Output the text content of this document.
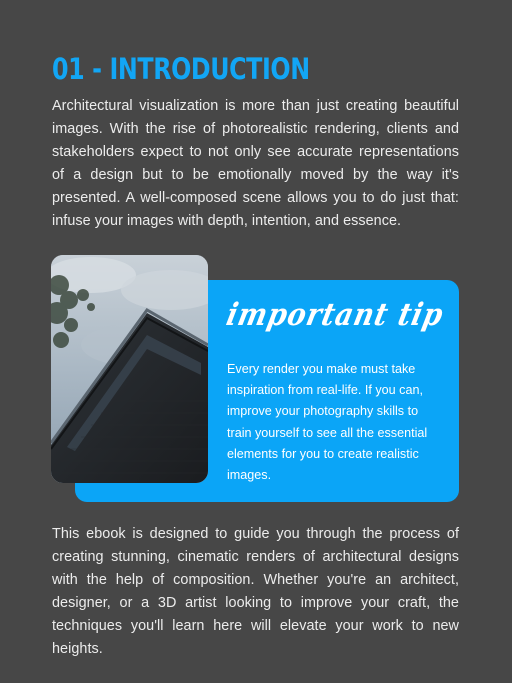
01 - INTRODUCTION

Architectural visualization is more than just creating beautiful images. With the rise of photorealistic rendering, clients and stakeholders expect to not only see accurate representations of a design but to be emotionally moved by the way it's presented. A well-composed scene allows you to do just that: infuse your images with depth, intention, and essence.

important tip

Every render you make must take inspiration from real-life. If you can, improve your photography skills to train yourself to see all the essential elements for you to create realistic images.

This ebook is designed to guide you through the process of creating stunning, cinematic renders of architectural designs with the help of composition. Whether you're an architect, designer, or a 3D artist looking to improve your craft, the techniques you'll learn here will elevate your work to new heights.
